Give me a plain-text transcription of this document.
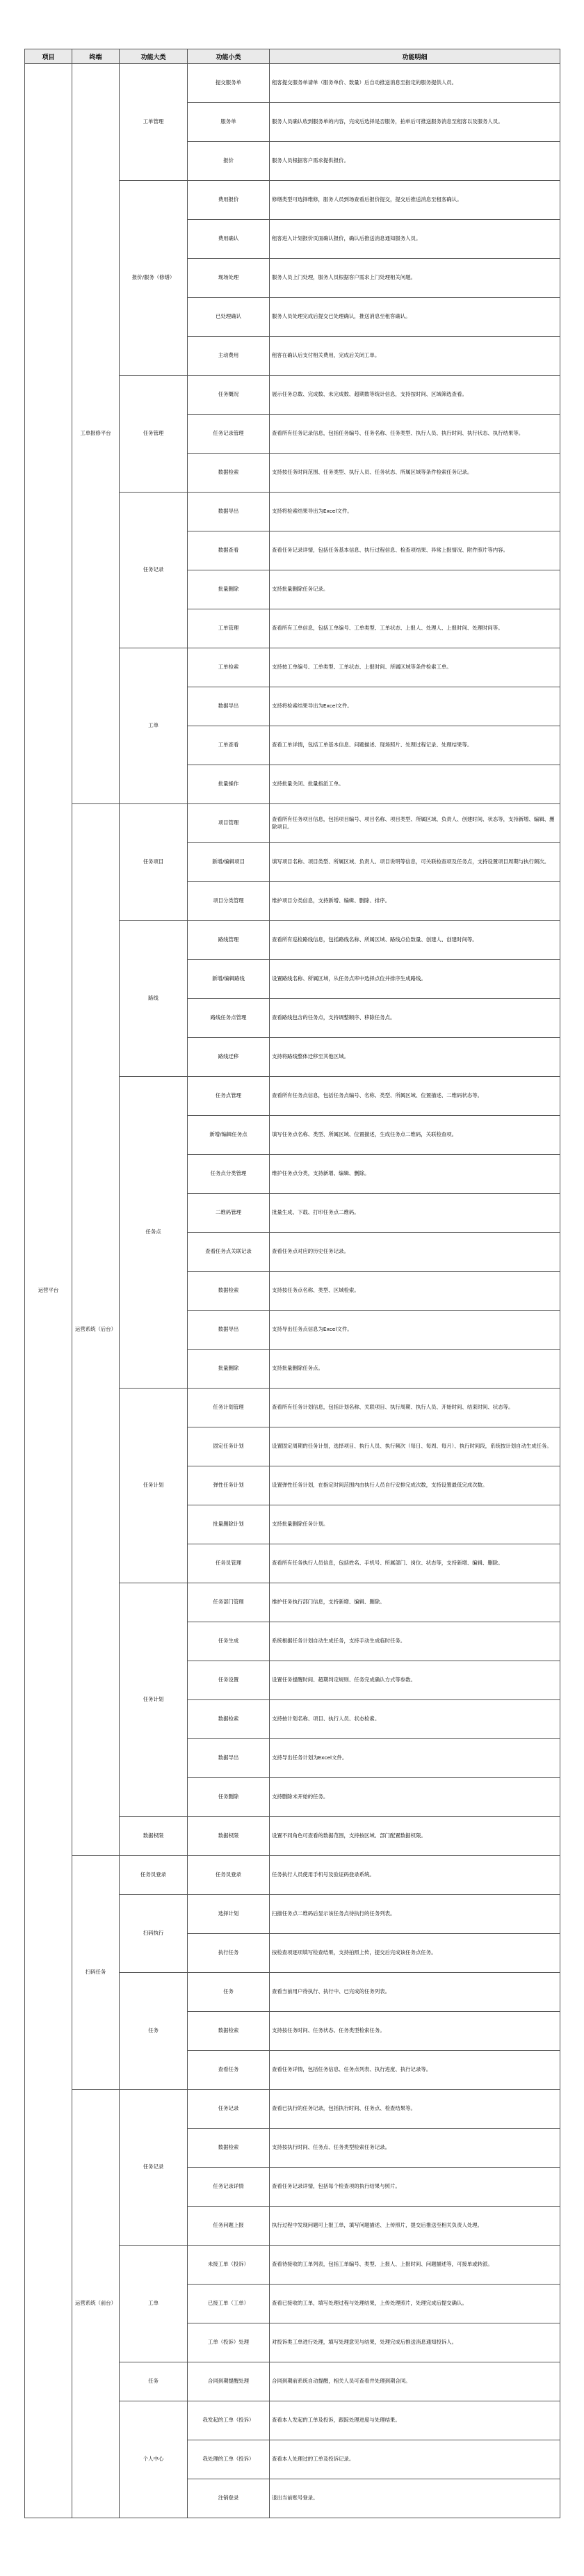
项目	终端	功能大类	功能小类	功能明细
运营平台	工单报修平台	工单管理	提交服务单	租客提交服务单请单（服务单价、数量）后自动推送消息至指定的服务提供人员。
			服务单	服务人员确认收到服务单的内容，完成后选择是否服务，拍单后可推送服务消息至租客以及服务人员。
			报价	服务人员根据客户需求提供报价。
		报价/服务（修缮）	费用报价	修缮类型可选择维修，服务人员到场查看后报价提交，提交后推送消息至租客确认。
			费用确认	租客进入计划报价页面确认报价，确认后推送消息通知服务人员。
			现场处理	服务人员上门处理，服务人员根据客户需求上门处理相关问题。
			已处理确认	服务人员处理完成后提交已处理确认，推送消息至租客确认。
			主动费用	租客在确认后支付相关费用，完成后关闭工单。
		任务管理	任务概况	展示任务总数、完成数、未完成数、超期数等统计信息，支持按时间、区域筛选查看。
			任务记录管理	查看所有任务记录信息，包括任务编号、任务名称、任务类型、执行人员、执行时间、执行状态、执行结果等。
			数据检索	支持按任务时间范围、任务类型、执行人员、任务状态、所属区域等条件检索任务记录。
		任务记录	数据导出	支持将检索结果导出为Excel文件。
			数据查看	查看任务记录详情，包括任务基本信息、执行过程信息、检查项结果、异常上报情况、附件照片等内容。
			批量删除	支持批量删除任务记录。
			工单管理	查看所有工单信息，包括工单编号、工单类型、工单状态、上报人、处理人、上报时间、处理时间等。
		工单	工单检索	支持按工单编号、工单类型、工单状态、上报时间、所属区域等条件检索工单。
			数据导出	支持将检索结果导出为Excel文件。
			工单查看	查看工单详情，包括工单基本信息、问题描述、现场照片、处理过程记录、处理结果等。
			批量操作	支持批量关闭、批量指派工单。
	运营系统（后台）	任务项目	项目管理	查看所有任务项目信息，包括项目编号、项目名称、项目类型、所属区域、负责人、创建时间、状态等，支持新增、编辑、删除项目。
			新增/编辑项目	填写项目名称、项目类型、所属区域、负责人、项目说明等信息，可关联检查项及任务点，支持设置项目周期与执行频次。
			项目分类管理	维护项目分类信息，支持新增、编辑、删除、排序。
		路线	路线管理	查看所有巡检路线信息，包括路线名称、所属区域、路线点位数量、创建人、创建时间等。
			新增/编辑路线	设置路线名称、所属区域，从任务点库中选择点位并排序生成路线。
			路线任务点管理	查看路线包含的任务点，支持调整顺序、移除任务点。
			路线迁移	支持将路线整体迁移至其他区域。
		任务点	任务点管理	查看所有任务点信息，包括任务点编号、名称、类型、所属区域、位置描述、二维码状态等。
			新增/编辑任务点	填写任务点名称、类型、所属区域、位置描述，生成任务点二维码，关联检查项。
			任务点分类管理	维护任务点分类，支持新增、编辑、删除。
			二维码管理	批量生成、下载、打印任务点二维码。
			查看任务点关联记录	查看任务点对应的历史任务记录。
			数据检索	支持按任务点名称、类型、区域检索。
			数据导出	支持导出任务点信息为Excel文件。
			批量删除	支持批量删除任务点。
		任务计划	任务计划管理	查看所有任务计划信息，包括计划名称、关联项目、执行周期、执行人员、开始时间、结束时间、状态等。
			固定任务计划	设置固定周期的任务计划，选择项目、执行人员、执行频次（每日、每周、每月）、执行时间段，系统按计划自动生成任务。
			弹性任务计划	设置弹性任务计划，在指定时间范围内由执行人员自行安排完成次数，支持设置最低完成次数。
			批量删除计划	支持批量删除任务计划。
			任务员管理	查看所有任务执行人员信息，包括姓名、手机号、所属部门、岗位、状态等，支持新增、编辑、删除。
		任务计划	任务部门管理	维护任务执行部门信息，支持新增、编辑、删除。
			任务生成	系统根据任务计划自动生成任务，支持手动生成临时任务。
			任务设置	设置任务提醒时间、超期判定规则、任务完成确认方式等参数。
			数据检索	支持按计划名称、项目、执行人员、状态检索。
			数据导出	支持导出任务计划为Excel文件。
			任务删除	支持删除未开始的任务。
		数据权限	数据权限	设置不同角色可查看的数据范围，支持按区域、部门配置数据权限。
	扫码任务	任务员登录	任务员登录	任务执行人员使用手机号及验证码登录系统。
		扫码执行	选择计划	扫描任务点二维码后显示该任务点待执行的任务列表。
			执行任务	按检查项逐项填写检查结果，支持拍照上传，提交后完成该任务点任务。
		任务	任务	查看当前用户待执行、执行中、已完成的任务列表。
			数据检索	支持按任务时间、任务状态、任务类型检索任务。
			查看任务	查看任务详情，包括任务信息、任务点列表、执行进度、执行记录等。
	运营系统（前台）	任务记录	任务记录	查看已执行的任务记录，包括执行时间、任务点、检查结果等。
			数据检索	支持按执行时间、任务点、任务类型检索任务记录。
			任务记录详情	查看任务记录详情，包括每个检查项的执行结果与照片。
			任务问题上报	执行过程中发现问题可上报工单，填写问题描述、上传照片，提交后推送至相关负责人处理。
		工单	未接工单（投诉）	查看待接收的工单列表，包括工单编号、类型、上报人、上报时间、问题描述等，可接单或转派。
			已接工单（工单）	查看已接收的工单，填写处理过程与处理结果，上传处理照片，处理完成后提交确认。
			工单（投诉）处理	对投诉类工单进行处理，填写处理意见与结果，处理完成后推送消息通知投诉人。
		任务	合同到期提醒处理	合同到期前系统自动提醒，相关人员可查看并处理到期合同。
		个人中心	我发起的工单（投诉）	查看本人发起的工单及投诉，跟踪处理进度与处理结果。
			我处理的工单（投诉）	查看本人处理过的工单及投诉记录。
			注销登录	退出当前账号登录。
